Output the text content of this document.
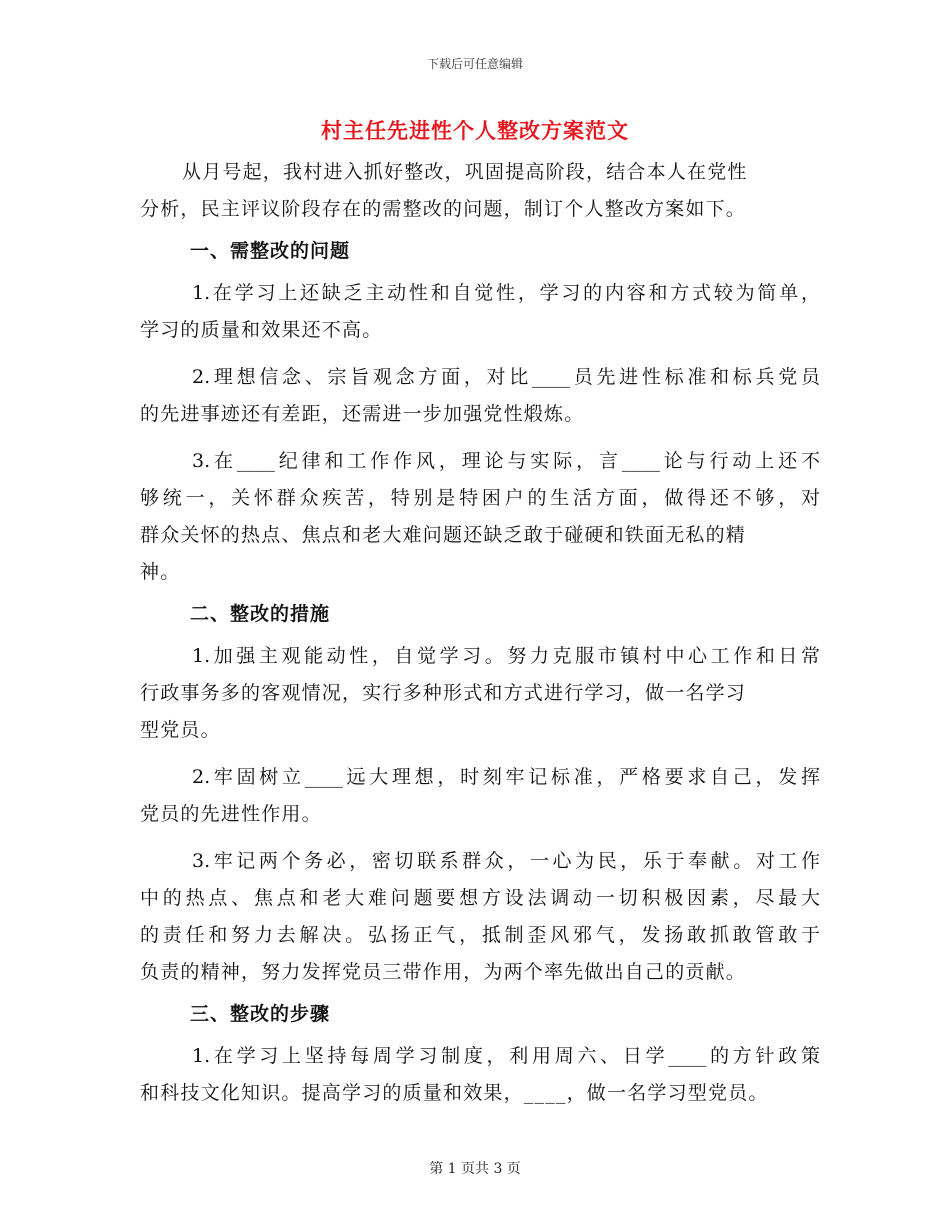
下载后可任意编辑
村主任先进性个人整改方案范文
从月号起，我村进入抓好整改，巩固提高阶段，结合本人在党性
分析，民主评议阶段存在的需整改的问题，制订个人整改方案如下。
一、需整改的问题
1.在学习上还缺乏主动性和自觉性，学习的内容和方式较为简单，
学习的质量和效果还不高。
2.理想信念、宗旨观念方面，对比____员先进性标准和标兵党员
的先进事迹还有差距，还需进一步加强党性煅炼。
3.在____纪律和工作作风，理论与实际，言____论与行动上还不
够统一，关怀群众疾苦，特别是特困户的生活方面，做得还不够，对
群众关怀的热点、焦点和老大难问题还缺乏敢于碰硬和铁面无私的精
神。
二、整改的措施
1.加强主观能动性，自觉学习。努力克服市镇村中心工作和日常
行政事务多的客观情况，实行多种形式和方式进行学习，做一名学习
型党员。
2.牢固树立____远大理想，时刻牢记标准，严格要求自己，发挥
党员的先进性作用。
3.牢记两个务必，密切联系群众，一心为民，乐于奉献。对工作
中的热点、焦点和老大难问题要想方设法调动一切积极因素，尽最大
的责任和努力去解决。弘扬正气，抵制歪风邪气，发扬敢抓敢管敢于
负责的精神，努力发挥党员三带作用，为两个率先做出自己的贡献。
三、整改的步骤
1.在学习上坚持每周学习制度，利用周六、日学____的方针政策
和科技文化知识。提高学习的质量和效果，____，做一名学习型党员。
第 1 页共 3 页
